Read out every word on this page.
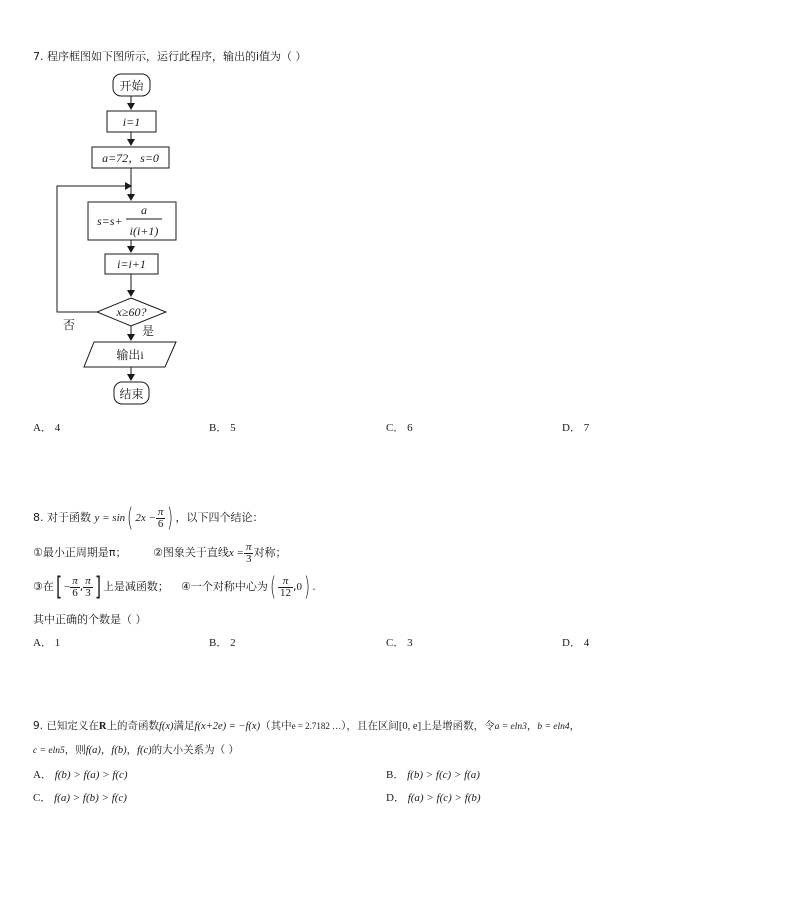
7. 程序框图如下图所示，运行此程序，输出的i值为（ ）
开始
i=1
a=72，s=0
s=s+
a
i(i+1)
i=i+1
x≥60?
否	是
输出i
结束
A． 4	B． 5	C． 6	D． 7
8. 对于函数 y = sin( $2x - \frac{\pi}{6}$ ) ，以下四个结论：
①最小正周期是π； ②图象关于直线$x = \frac{\pi}{3}$ 对称；
③在[ − $\frac{\pi}{6}$ , $\frac{\pi}{3}$ ] 上是减函数； ④一个对称中心为( $\frac{\pi}{12} ,0$) .
其中正确的个数是（ ）
A． 1	B． 2	C． 3	D． 4
9. 已知定义在R上的奇函数f(x)满足f(x+2e) = −f(x)（其中e = 2.7182 …），且在区间[0, e]上是增函数，令a = eln3，b = eln4，
c = eln5，则f(a)，f(b)，f(c)的大小关系为（ ）
A． f(b) > f(a) > f(c)	B． f(b) > f(c) > f(a)
C． f(a) > f(b) > f(c)	D． f(a) > f(c) > f(b)
